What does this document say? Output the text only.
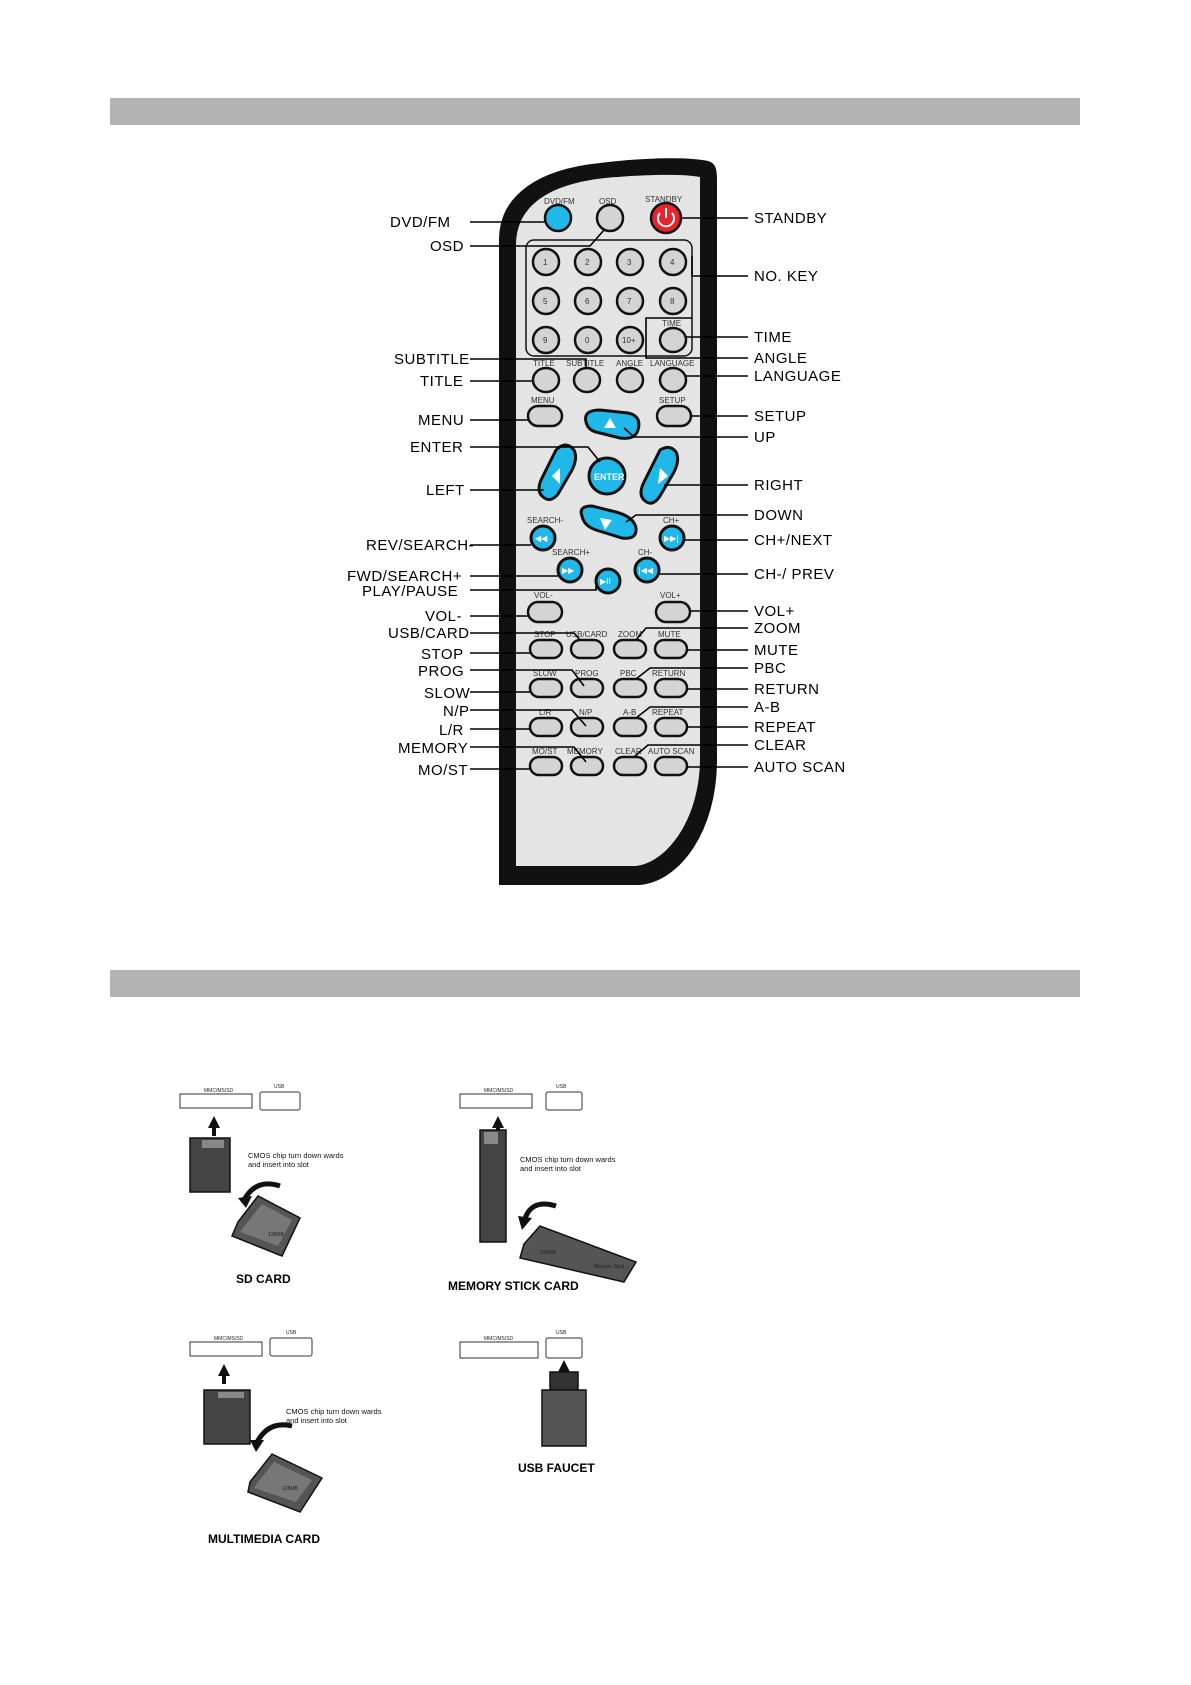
DVD/FM	OSD	STANDBY
1	2	3	4
5	6	7	8
9	0	10+
TIME
TITLE SUBTITLE ANGLE LANGUAGE
MENU	SETUP
ENTER
◀◀
SEARCH-
▶▶|
CH+
▶▶
SEARCH+
|◀◀
CH-
▶II
VOL-	VOL+
STOP USB/CARD ZOOM MUTE
SLOW PROG	PBC RETURN
L/R	N/P	A-B REPEAT
MO/ST MEMORY CLEAR AUTO SCAN
DVD/FM
OSD
SUBTITLE
TITLE
MENU
ENTER
LEFT
REV/SEARCH-
FWD/SEARCH+
PLAY/PAUSE
VOL-
USB/CARD
STOP
PROG
SLOW
N/P
L/R
MEMORY
MO/ST
STANDBY
NO. KEY
TIME
ANGLE
LANGUAGE
SETUP
UP
RIGHT
DOWN
CH+/NEXT
CH-/ PREV
VOL+
ZOOM
MUTE
PBC
RETURN
A-B
REPEAT
CLEAR
AUTO SCAN
MMC/MS/SD
USB
CMOS chip turn down wards
and insert into slot
128MB
SD CARD
MMC/MS/SD
USB
CMOS chip turn down wards
and insert into slot
128MB
Memory Stick
MEMORY STICK CARD
MMC/MS/SD
USB
CMOS chip turn down wards
and insert into slot
128MB
MULTIMEDIA CARD
MMC/MS/SD
USB
USB FAUCET
